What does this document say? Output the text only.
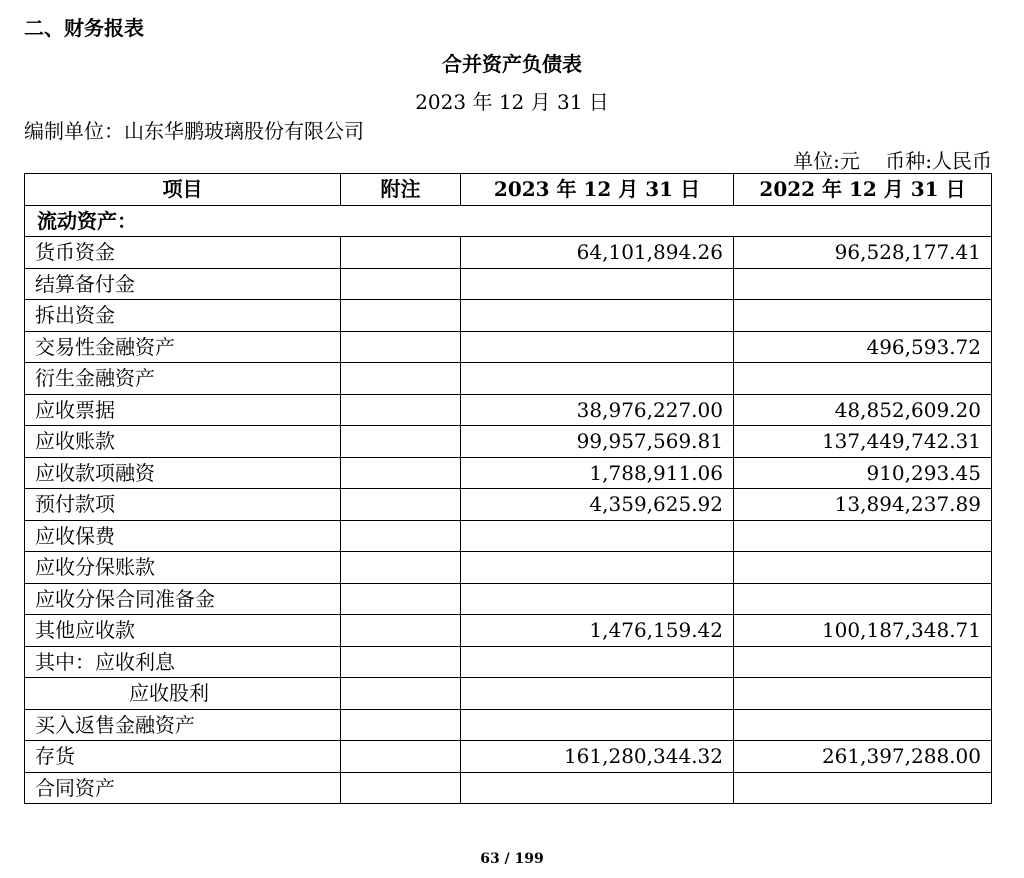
二、财务报表
合并资产负债表
2023 年 12 月 31 日
编制单位：山东华鹏玻璃股份有限公司
单位:元    币种:人民币
项目	附注	2023 年 12 月 31 日	2022 年 12 月 31 日
流动资产：			
货币资金		64,101,894.26	96,528,177.41
结算备付金			
拆出资金			
交易性金融资产			496,593.72
衍生金融资产			
应收票据		38,976,227.00	48,852,609.20
应收账款		99,957,569.81	137,449,742.31
应收款项融资		1,788,911.06	910,293.45
预付款项		4,359,625.92	13,894,237.89
应收保费			
应收分保账款			
应收分保合同准备金			
其他应收款		1,476,159.42	100,187,348.71
其中：应收利息			
应收股利			
买入返售金融资产			
存货		161,280,344.32	261,397,288.00
合同资产			
63 / 199
